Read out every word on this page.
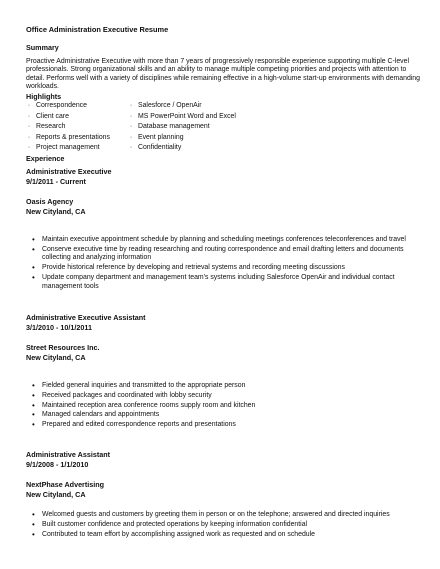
Office Administration Executive Resume
Summary
Proactive Administrative Executive with more than 7 years of progressively responsible experience supporting multiple C-level professionals. Strong organizational skills and an ability to manage multiple competing priorities and projects with attention to detail. Performs well with a variety of disciplines while remaining effective in a high-volume start-up environments with demanding workloads.
Highlights
· Correspondence
· Client care
· Research
· Reports & presentations
· Project management
· Salesforce / OpenAir
· MS PowerPoint Word and Excel
· Database management
· Event planning
· Confidentiality
Experience
Administrative Executive
9/1/2011 - Current
Oasis Agency
New Cityland, CA
• Maintain executive appointment schedule by planning and scheduling meetings conferences teleconferences and travel
• Conserve executive time by reading researching and routing correspondence and email drafting letters and documents collecting and analyzing information
• Provide historical reference by developing and retrieval systems and recording meeting discussions
• Update company department and management team's systems including Salesforce OpenAir and individual contact management tools
Administrative Executive Assistant
3/1/2010 - 10/1/2011
Street Resources Inc.
New Cityland, CA
• Fielded general inquiries and transmitted to the appropriate person
• Received packages and coordinated with lobby security
• Maintained reception area conference rooms supply room and kitchen
• Managed calendars and appointments
• Prepared and edited correspondence reports and presentations
Administrative Assistant
9/1/2008 - 1/1/2010
NextPhase Advertising
New Cityland, CA
• Welcomed guests and customers by greeting them in person or on the telephone; answered and directed inquiries
• Built customer confidence and protected operations by keeping information confidential
• Contributed to team effort by accomplishing assigned work as requested and on schedule
